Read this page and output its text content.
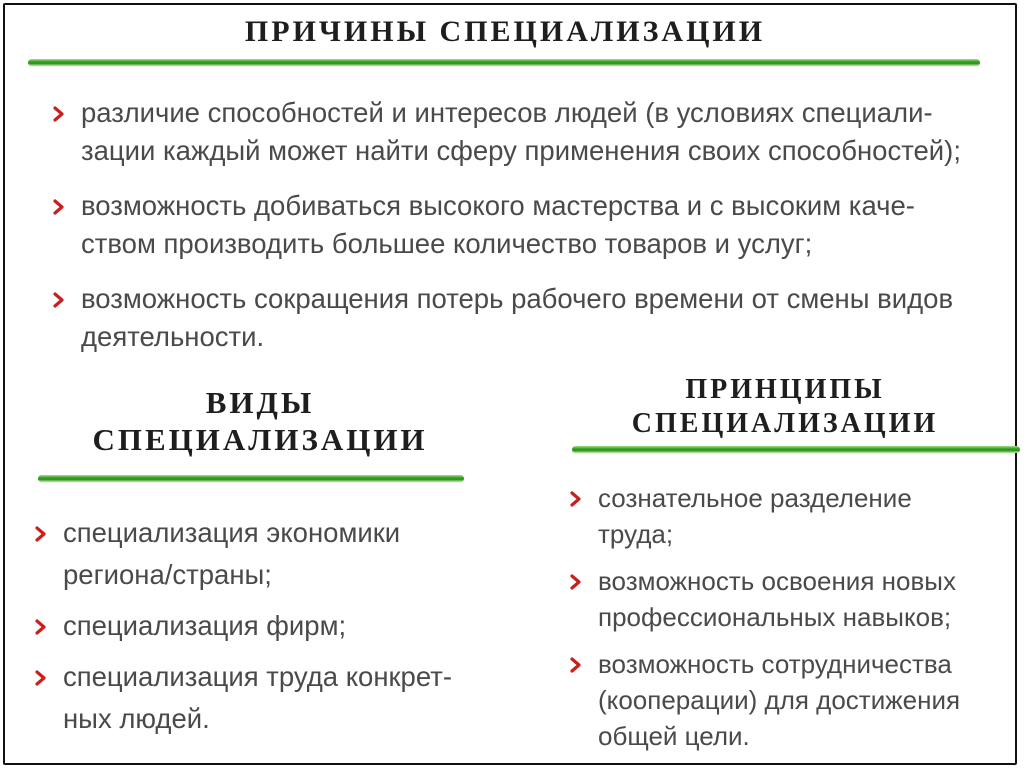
ПРИЧИНЫ СПЕЦИАЛИЗАЦИИ
различие способностей и интересов людей (в условиях специали-
зации каждый может найти сферу применения своих способностей);
возможность добиваться высокого мастерства и с высоким каче-
ством производить большее количество товаров и услуг;
возможность сокращения потерь рабочего времени от смены видов
деятельности.
ВИДЫ
СПЕЦИАЛИЗАЦИИ
специализация экономики
региона/страны;
специализация фирм;
специализация труда конкрет-
ных людей.
ПРИНЦИПЫ
СПЕЦИАЛИЗАЦИИ
сознательное разделение
труда;
возможность освоения новых
профессиональных навыков;
возможность сотрудничества
(кооперации) для достижения
общей цели.
